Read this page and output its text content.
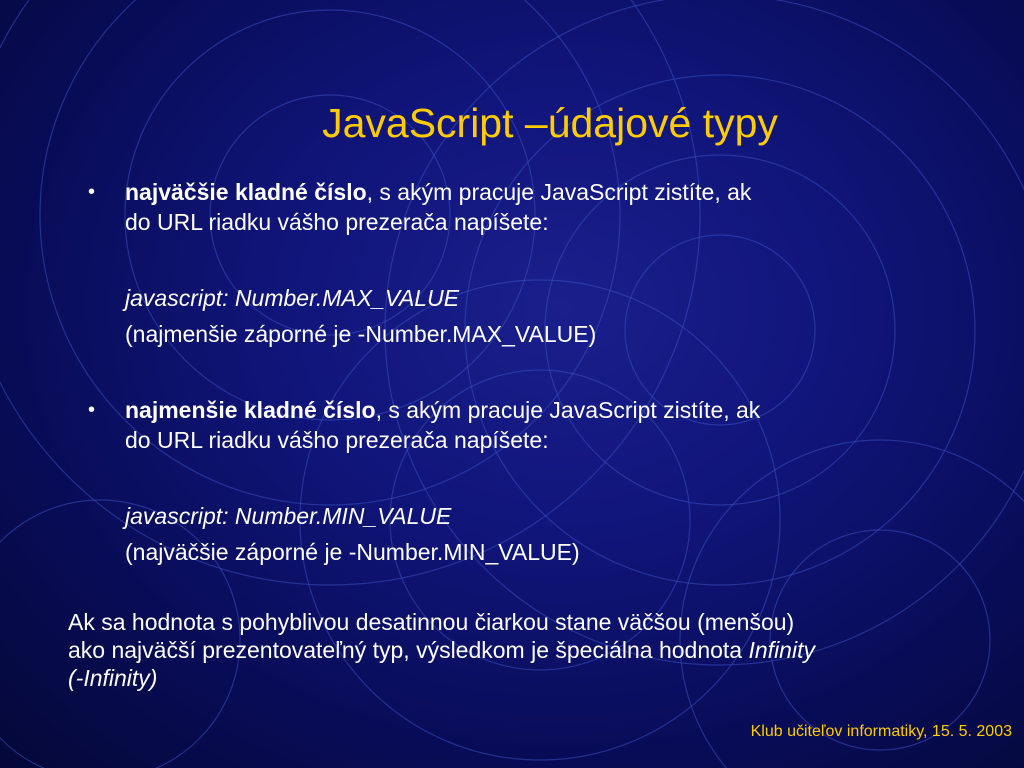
JavaScript –údajové typy
• najväčšie kladné číslo, s akým pracuje JavaScript zistíte, ak
do URL riadku vášho prezerača napíšete:
javascript: Number.MAX_VALUE
(najmenšie záporné je -Number.MAX_VALUE)
• najmenšie kladné číslo, s akým pracuje JavaScript zistíte, ak
do URL riadku vášho prezerača napíšete:
javascript: Number.MIN_VALUE
(najväčšie záporné je -Number.MIN_VALUE)
Ak sa hodnota s pohyblivou desatinnou čiarkou stane väčšou (menšou)
ako najväčší prezentovateľný typ, výsledkom je špeciálna hodnota Infinity
(-Infinity)
Klub učiteľov informatiky, 15. 5. 2003
